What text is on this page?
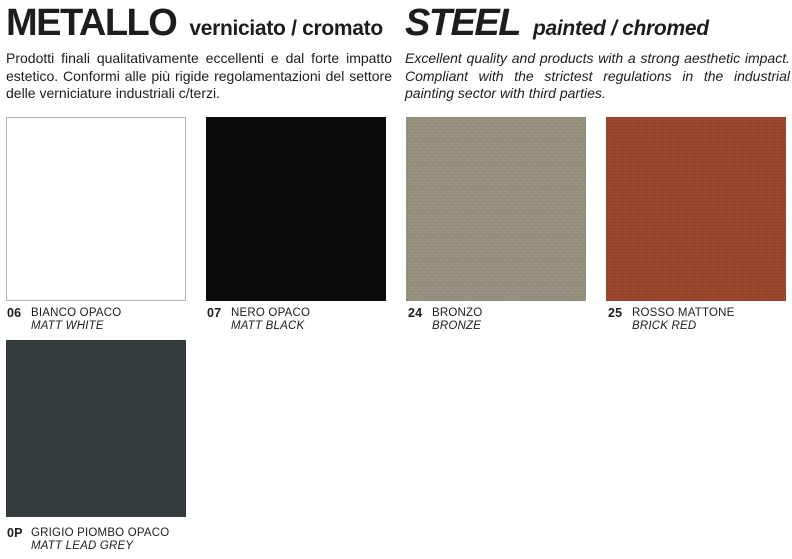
METALLO verniciato / cromato
Prodotti finali qualitativamente eccellenti e dal forte impatto estetico. Conformi alle più rigide regolamentazioni del settore delle verniciature industriali c/terzi.
STEEL painted / chromed
Excellent quality and products with a strong aesthetic impact. Compliant with the strictest regulations in the industrial painting sector with third parties.
06 BIANCO OPACO
MATT WHITE
07 NERO OPACO
MATT BLACK
24 BRONZO
BRONZE
25 ROSSO MATTONE
BRICK RED
0P GRIGIO PIOMBO OPACO
MATT LEAD GREY
